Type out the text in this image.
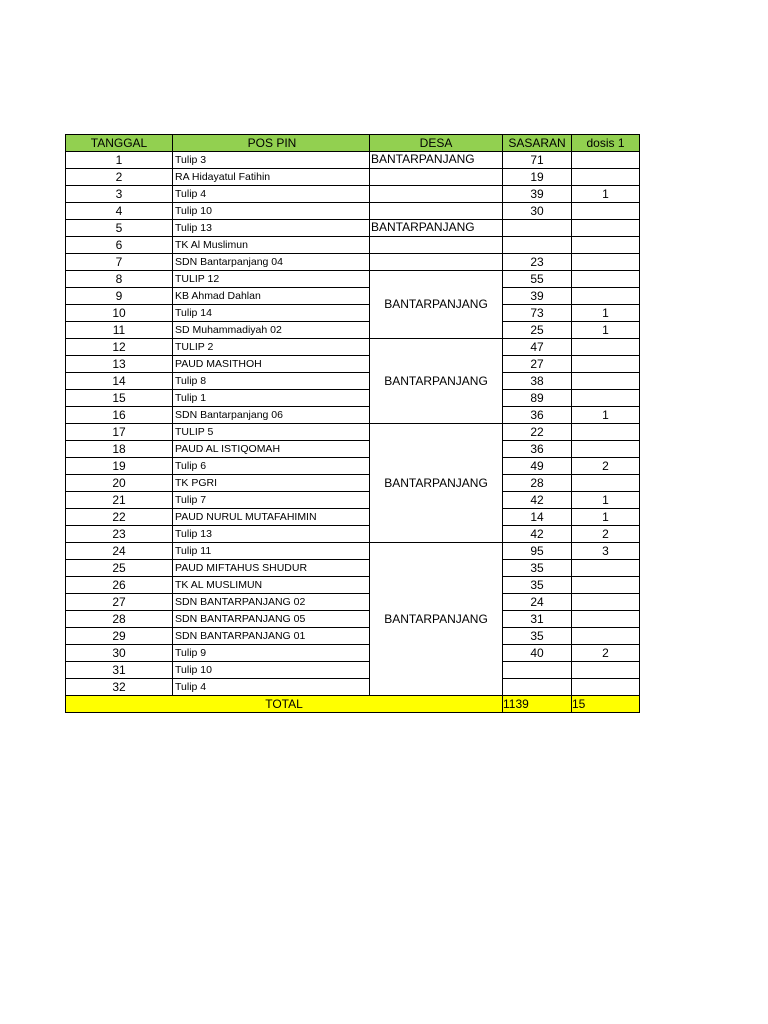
TANGGAL	POS PIN	DESA	SASARAN	dosis 1
1	Tulip 3	BANTARPANJANG	71	
2	RA Hidayatul Fatihin		19	
3	Tulip 4		39	1
4	Tulip 10		30	
5	Tulip 13	BANTARPANJANG		
6	TK Al Muslimun			
7	SDN Bantarpanjang 04		23	
8	TULIP 12	BANTARPANJANG	55	
9	KB Ahmad Dahlan		39	
10	Tulip 14		73	1
11	SD Muhammadiyah 02		25	1
12	TULIP 2	BANTARPANJANG	47	
13	PAUD MASITHOH		27	
14	Tulip 8		38	
15	Tulip 1		89	
16	SDN Bantarpanjang 06		36	1
17	TULIP 5	BANTARPANJANG	22	
18	PAUD AL ISTIQOMAH		36	
19	Tulip 6		49	2
20	TK PGRI		28	
21	Tulip 7		42	1
22	PAUD NURUL MUTAFAHIMIN		14	1
23	Tulip 13		42	2
24	Tulip 11	BANTARPANJANG	95	3
25	PAUD MIFTAHUS SHUDUR		35	
26	TK AL MUSLIMUN		35	
27	SDN BANTARPANJANG 02		24	
28	SDN BANTARPANJANG 05		31	
29	SDN BANTARPANJANG 01		35	
30	Tulip 9		40	2
31	Tulip 10			
32	Tulip 4			
TOTAL			1139	15
